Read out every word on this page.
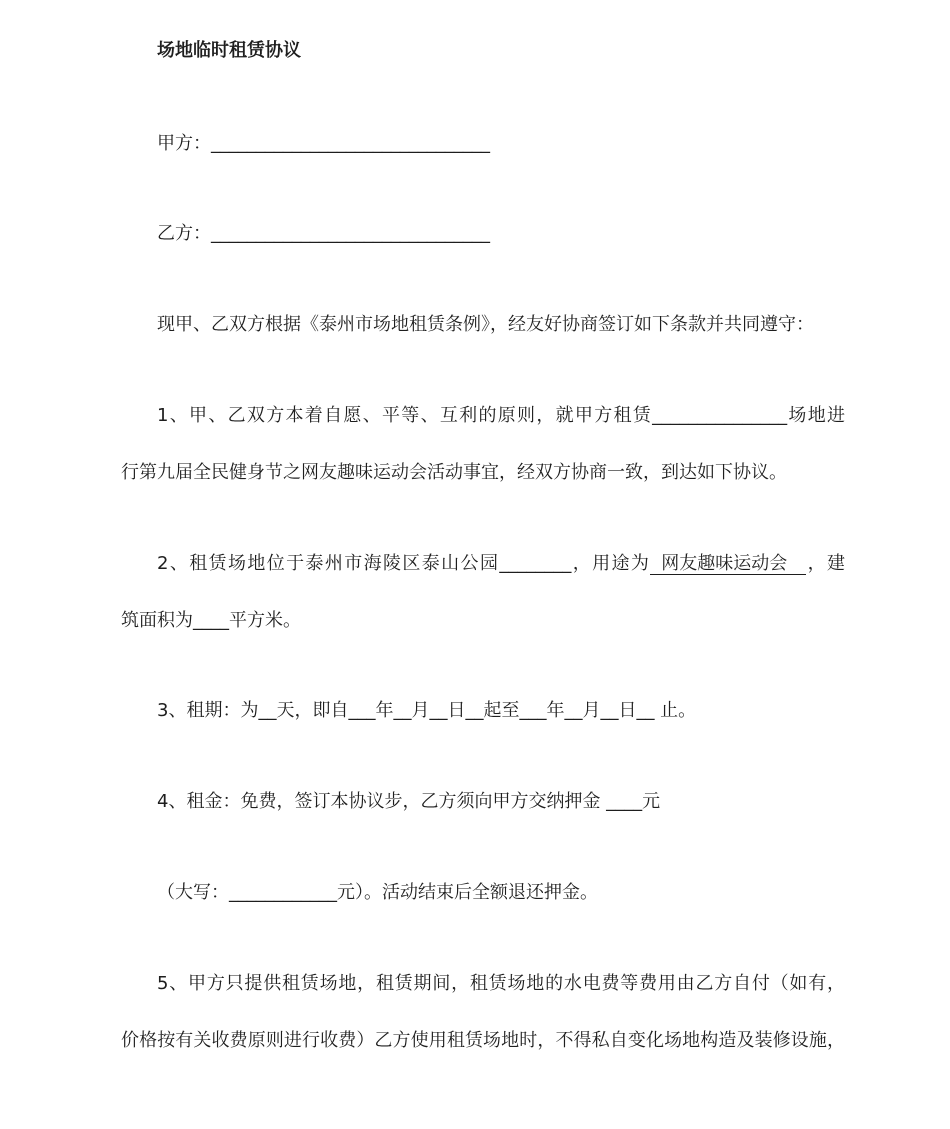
场地临时租赁协议
甲方：_______________________________
乙方：_______________________________
现甲、乙双方根据《泰州市场地租赁条例》，经友好协商签订如下条款并共同遵守：
1、甲、乙双方本着自愿、平等、互利的原则，就甲方租赁_______________场地进
行第九届全民健身节之网友趣味运动会活动事宜，经双方协商一致，到达如下协议。
2、租赁场地位于泰州市海陵区泰山公园________，用途为 网友趣味运动会 ，建
筑面积为____平方米。
3、租期：为__天，即自___年__月__日__起至___年__月__日__ 止。
4、租金：免费，签订本协议步，乙方须向甲方交纳押金 ____元
（大写：____________元）。活动结束后全额退还押金。
5、甲方只提供租赁场地，租赁期间，租赁场地的水电费等费用由乙方自付（如有，
价格按有关收费原则进行收费）乙方使用租赁场地时，不得私自变化场地构造及装修设施，
